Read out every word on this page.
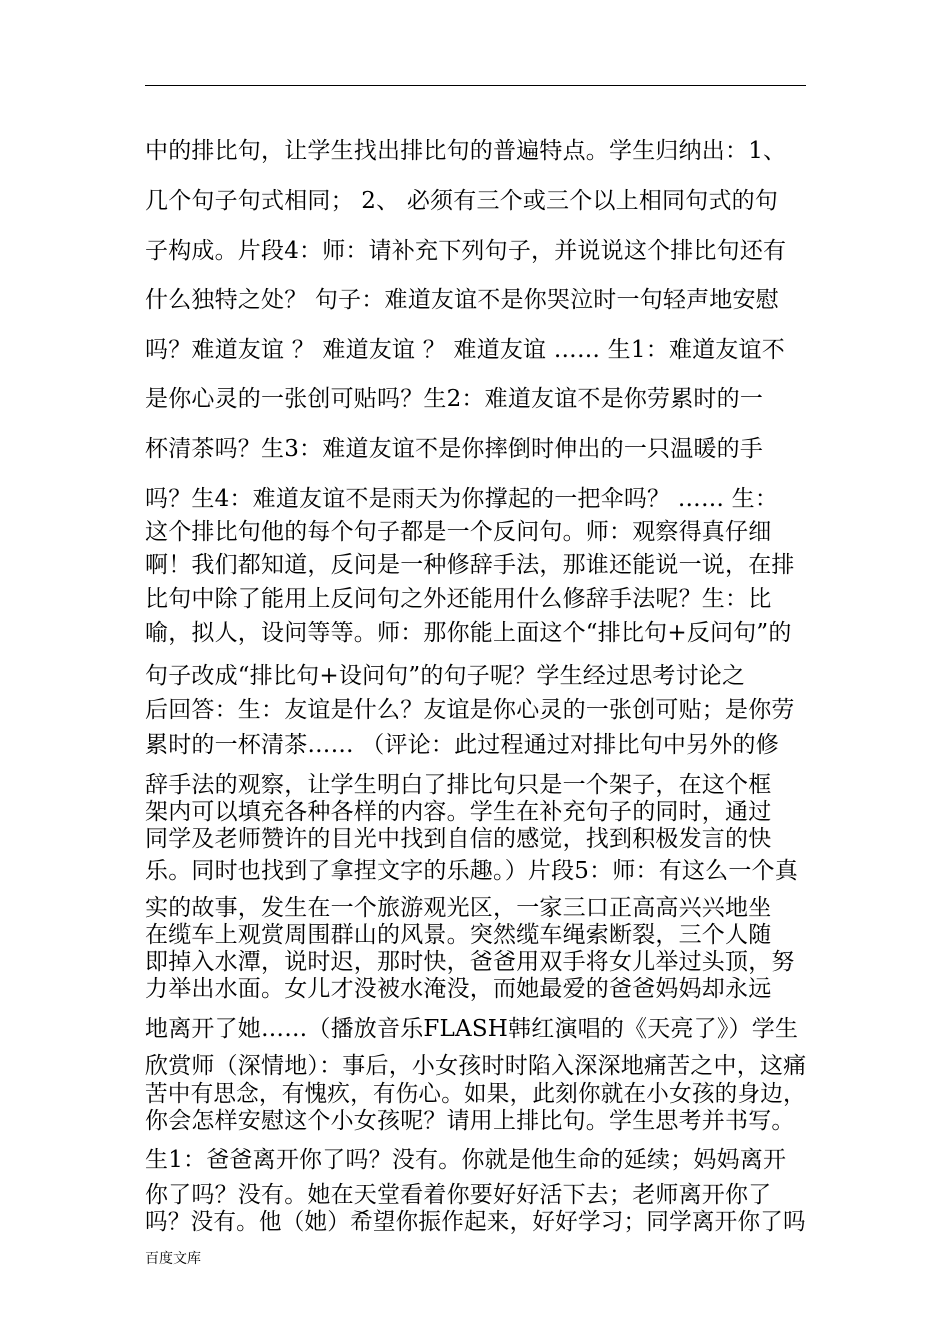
中的排比句，让学生找出排比句的普遍特点。学生归纳出：1、
几个句子句式相同； 2、 必须有三个或三个以上相同句式的句
子构成。片段4：师：请补充下列句子，并说说这个排比句还有
什么独特之处？ 句子：难道友谊不是你哭泣时一句轻声地安慰
吗？难道友谊 ？ 难道友谊 ？ 难道友谊 …… 生1：难道友谊不
是你心灵的一张创可贴吗？生2：难道友谊不是你劳累时的一
杯清茶吗？生3：难道友谊不是你摔倒时伸出的一只温暖的手
吗？生4：难道友谊不是雨天为你撑起的一把伞吗？ …… 生：
这个排比句他的每个句子都是一个反问句。师：观察得真仔细
啊！我们都知道，反问是一种修辞手法，那谁还能说一说，在排
比句中除了能用上反问句之外还能用什么修辞手法呢？生：比
喻，拟人，设问等等。师：那你能上面这个“排比句+反问句”的
句子改成“排比句+设问句”的句子呢？学生经过思考讨论之
后回答：生：友谊是什么？友谊是你心灵的一张创可贴；是你劳
累时的一杯清茶…… （评论：此过程通过对排比句中另外的修
辞手法的观察，让学生明白了排比句只是一个架子，在这个框
架内可以填充各种各样的内容。学生在补充句子的同时，通过
同学及老师赞许的目光中找到自信的感觉，找到积极发言的快
乐。同时也找到了拿捏文字的乐趣。）片段5：师：有这么一个真
实的故事，发生在一个旅游观光区，一家三口正高高兴兴地坐
在缆车上观赏周围群山的风景。突然缆车绳索断裂，三个人随
即掉入水潭，说时迟，那时快，爸爸用双手将女儿举过头顶，努
力举出水面。女儿才没被水淹没，而她最爱的爸爸妈妈却永远
地离开了她……（播放音乐FLASH韩红演唱的《天亮了》）学生
欣赏师（深情地）：事后，小女孩时时陷入深深地痛苦之中，这痛
苦中有思念，有愧疚，有伤心。如果，此刻你就在小女孩的身边，
你会怎样安慰这个小女孩呢？请用上排比句。学生思考并书写。
生1：爸爸离开你了吗？没有。你就是他生命的延续；妈妈离开
你了吗？没有。她在天堂看着你要好好活下去；老师离开你了
吗？没有。他（她）希望你振作起来，好好学习；同学离开你了吗
百度文库
